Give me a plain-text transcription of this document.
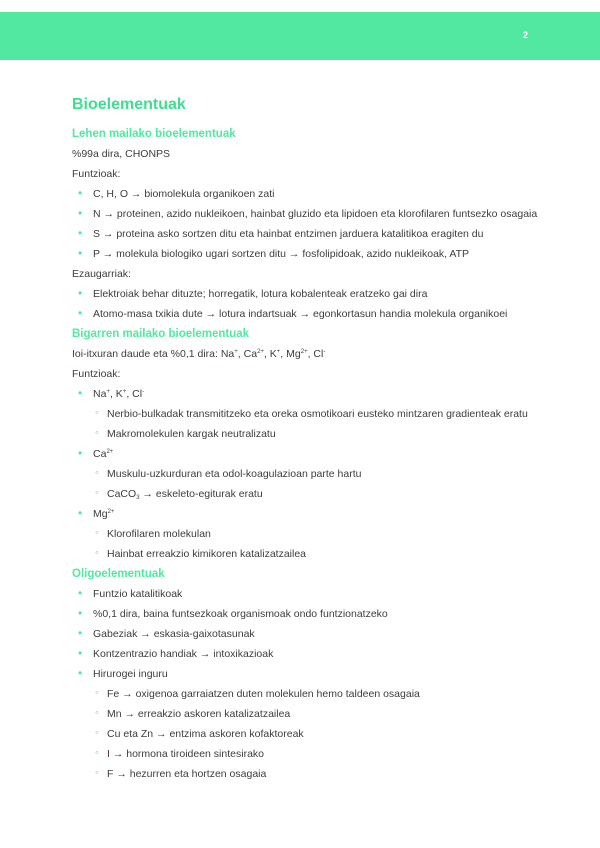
2
Bioelementuak
Lehen mailako bioelementuak

%99a dira, CHONPS

Funtzioak:

• C, H, O → biomolekula organikoen zati
• N → proteinen, azido nukleikoen, hainbat gluzido eta lipidoen eta klorofilaren funtsezko osagaia
• S → proteina asko sortzen ditu eta hainbat entzimen jarduera katalitikoa eragiten du
• P → molekula biologiko ugari sortzen ditu → fosfolipidoak, azido nukleikoak, ATP

Ezaugarriak:

• Elektroiak behar dituzte; horregatik, lotura kobalenteak eratzeko gai dira
• Atomo-masa txikia dute → lotura indartsuak → egonkortasun handia molekula organikoei
Bigarren mailako bioelementuak

Ioi-itxuran daude eta %0,1 dira: Na+, $Ca^{2+}$, K+, $Mg^{2+}$, Cl-

Funtzioak:

• Na+, K+, Cl-
◦ Nerbio-bulkadak transmititzeko eta oreka osmotikoari eusteko mintzaren gradienteak eratu
◦ Makromolekulen kargak neutralizatu
• $Ca^{2+}$
◦ Muskulu-uzkurduran eta odol-koagulazioan parte hartu
◦ CaCO$_3$ → eskeleto-egiturak eratu
• $Mg^{2+}$
◦ Klorofilaren molekulan
◦ Hainbat erreakzio kimikoren katalizatzailea
Oligoelementuak
• Funtzio katalitikoak
• %0,1 dira, baina funtsezkoak organismoak ondo funtzionatzeko
• Gabeziak → eskasia-gaixotasunak
• Kontzentrazio handiak → intoxikazioak
• Hirurogei inguru
◦ Fe → oxigenoa garraiatzen duten molekulen hemo taldeen osagaia
◦ Mn → erreakzio askoren katalizatzailea
◦ Cu eta Zn → entzima askoren kofaktoreak
◦ I → hormona tiroideen sintesirako
◦ F → hezurren eta hortzen osagaia
